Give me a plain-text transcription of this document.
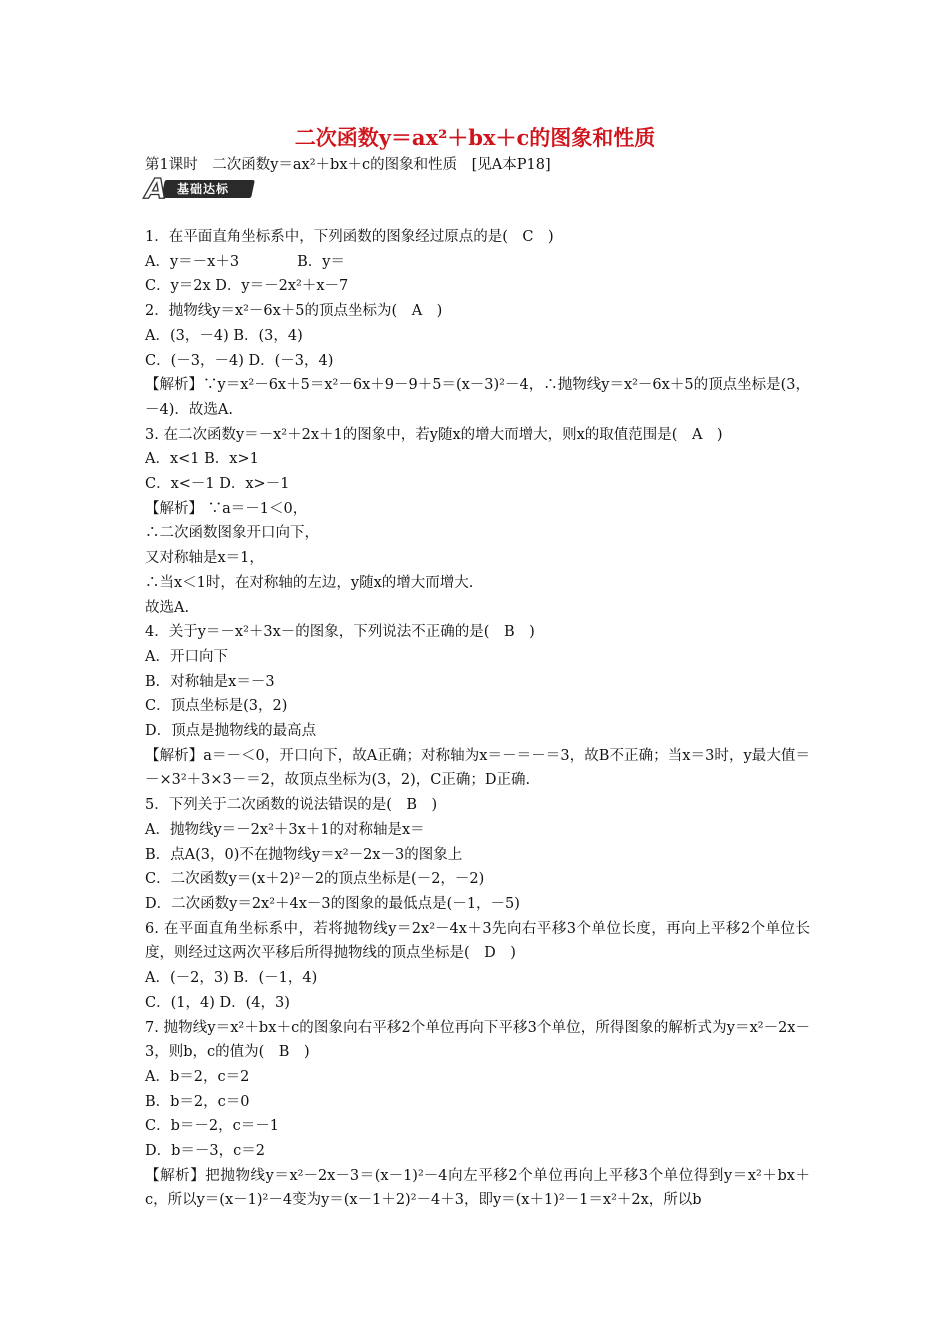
二次函数y＝ax²＋bx＋c的图象和性质
第1课时　二次函数y＝ax²＋bx＋c的图象和性质　[见A本P18]
基础达标
A

1．在平面直角坐标系中，下列函数的图象经过原点的是(　C　)

A．y＝－x＋3　　　　B．y＝

C．y＝2x D．y＝－2x²＋x－7

2．抛物线y＝x²－6x＋5的顶点坐标为(　A　)

A．(3，－4) B．(3，4)

C．(－3，－4) D．(－3，4)

【解析】∵y＝x²－6x＋5＝x²－6x＋9－9＋5＝(x－3)²－4，∴抛物线y＝x²－6x＋5的顶点坐标是(3，－4)．故选A.

3. 在二次函数y＝－x²＋2x＋1的图象中，若y随x的增大而增大，则x的取值范围是(　A　)

A．x<1 B．x>1

C．x<－1 D．x>－1

【解析】 ∵a＝－1＜0，

∴二次函数图象开口向下，

又对称轴是x＝1，

∴当x＜1时，在对称轴的左边，y随x的增大而增大.

故选A.

4．关于y＝－x²＋3x－的图象，下列说法不正确的是(　B　)

A．开口向下

B．对称轴是x＝－3

C．顶点坐标是(3，2)

D．顶点是抛物线的最高点

【解析】a＝－＜0，开口向下，故A正确；对称轴为x＝－＝－＝3，故B不正确；当x＝3时，y最大值＝－×3²＋3×3－＝2，故顶点坐标为(3，2)，C正确；D正确.

5．下列关于二次函数的说法错误的是(　B　)

A．抛物线y＝－2x²＋3x＋1的对称轴是x＝

B．点A(3，0)不在抛物线y＝x²－2x－3的图象上

C．二次函数y＝(x＋2)²－2的顶点坐标是(－2，－2)

D．二次函数y＝2x²＋4x－3的图象的最低点是(－1，－5)

6. 在平面直角坐标系中，若将抛物线y＝2x²－4x＋3先向右平移3个单位长度，再向上平移2个单位长度，则经过这两次平移后所得抛物线的顶点坐标是(　D　)

A．(－2，3) B．(－1，4)

C．(1，4) D．(4，3)

7. 抛物线y＝x²＋bx＋c的图象向右平移2个单位再向下平移3个单位，所得图象的解析式为y＝x²－2x－3，则b，c的值为(　B　)

A．b＝2，c＝2

B．b＝2，c＝0

C．b＝－2，c＝－1

D．b＝－3，c＝2

【解析】把抛物线y＝x²－2x－3＝(x－1)²－4向左平移2个单位再向上平移3个单位得到y＝x²＋bx＋c，所以y＝(x－1)²－4变为y＝(x－1＋2)²－4＋3，即y＝(x＋1)²－1＝x²＋2x，所以b
